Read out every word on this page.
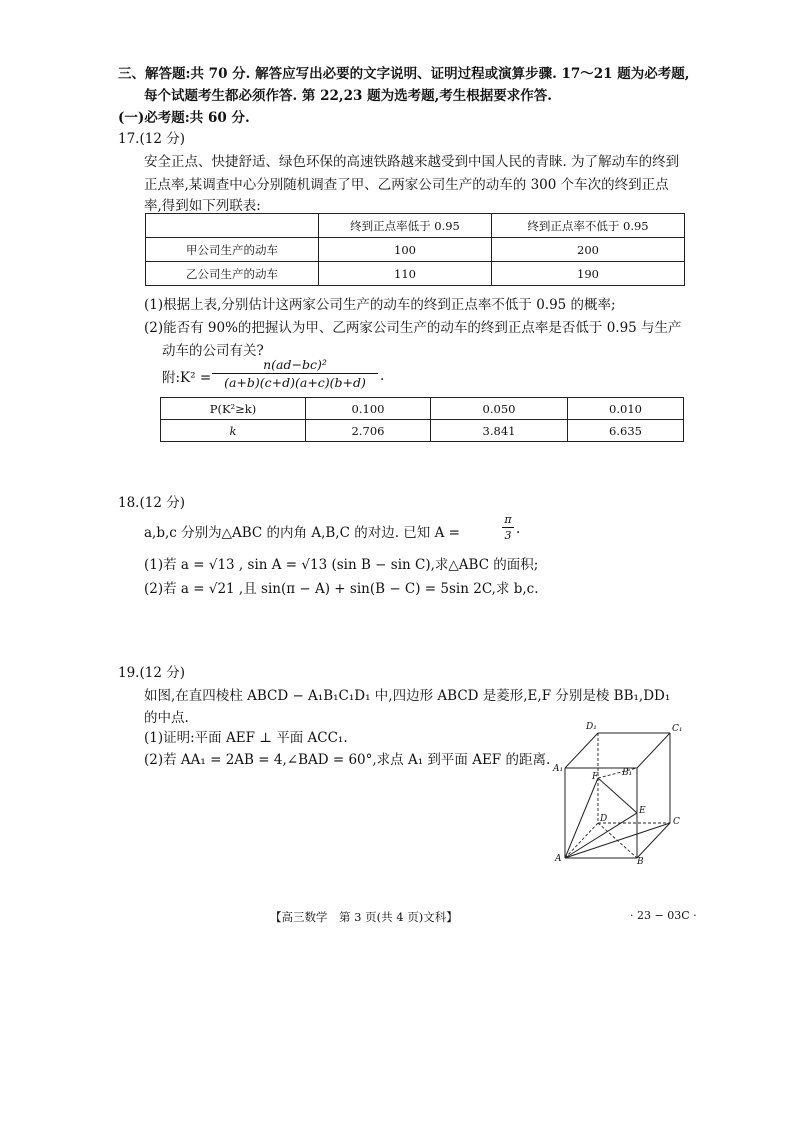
三、解答题:共 70 分. 解答应写出必要的文字说明、证明过程或演算步骤. 17～21 题为必考题,
每个试题考生都必须作答. 第 22,23 题为选考题,考生根据要求作答.
(一)必考题:共 60 分.
17.(12 分)
安全正点、快捷舒适、绿色环保的高速铁路越来越受到中国人民的青睐. 为了解动车的终到
正点率,某调查中心分别随机调查了甲、乙两家公司生产的动车的 300 个车次的终到正点
率,得到如下列联表:
	终到正点率低于 0.95	终到正点率不低于 0.95
甲公司生产的动车	100	200
乙公司生产的动车	110	190
(1)根据上表,分别估计这两家公司生产的动车的终到正点率不低于 0.95 的概率;
(2)能否有 90%的把握认为甲、乙两家公司生产的动车的终到正点率是否低于 0.95 与生产
动车的公司有关?
附:K² =
n(ad−bc)²
(a+b)(c+d)(a+c)(b+d)	.
P(K²≥k)	0.100	0.050	0.010
k	2.706	3.841	6.635
18.(12 分)
a,b,c 分别为△ABC 的内角 A,B,C 的对边. 已知 A =
π
3 .
(1)若 a = √13 , sin A = √13 (sin B − sin C),求△ABC 的面积;
(2)若 a = √21 ,且 sin(π − A) + sin(B − C) = 5sin 2C,求 b,c.
19.(12 分)
如图,在直四棱柱 ABCD − A₁B₁C₁D₁ 中,四边形 ABCD 是菱形,E,F 分别是棱 BB₁,DD₁
的中点.
(1)证明:平面 AEF ⊥ 平面 ACC₁.
(2)若 AA₁ = 2AB = 4,∠BAD = 60°,求点 A₁ 到平面 AEF 的距离.
D₁	C₁
A₁	B₁
F
D
E
C
A	B
【高三数学　第 3 页(共 4 页)文科】	· 23 − 03C ·
